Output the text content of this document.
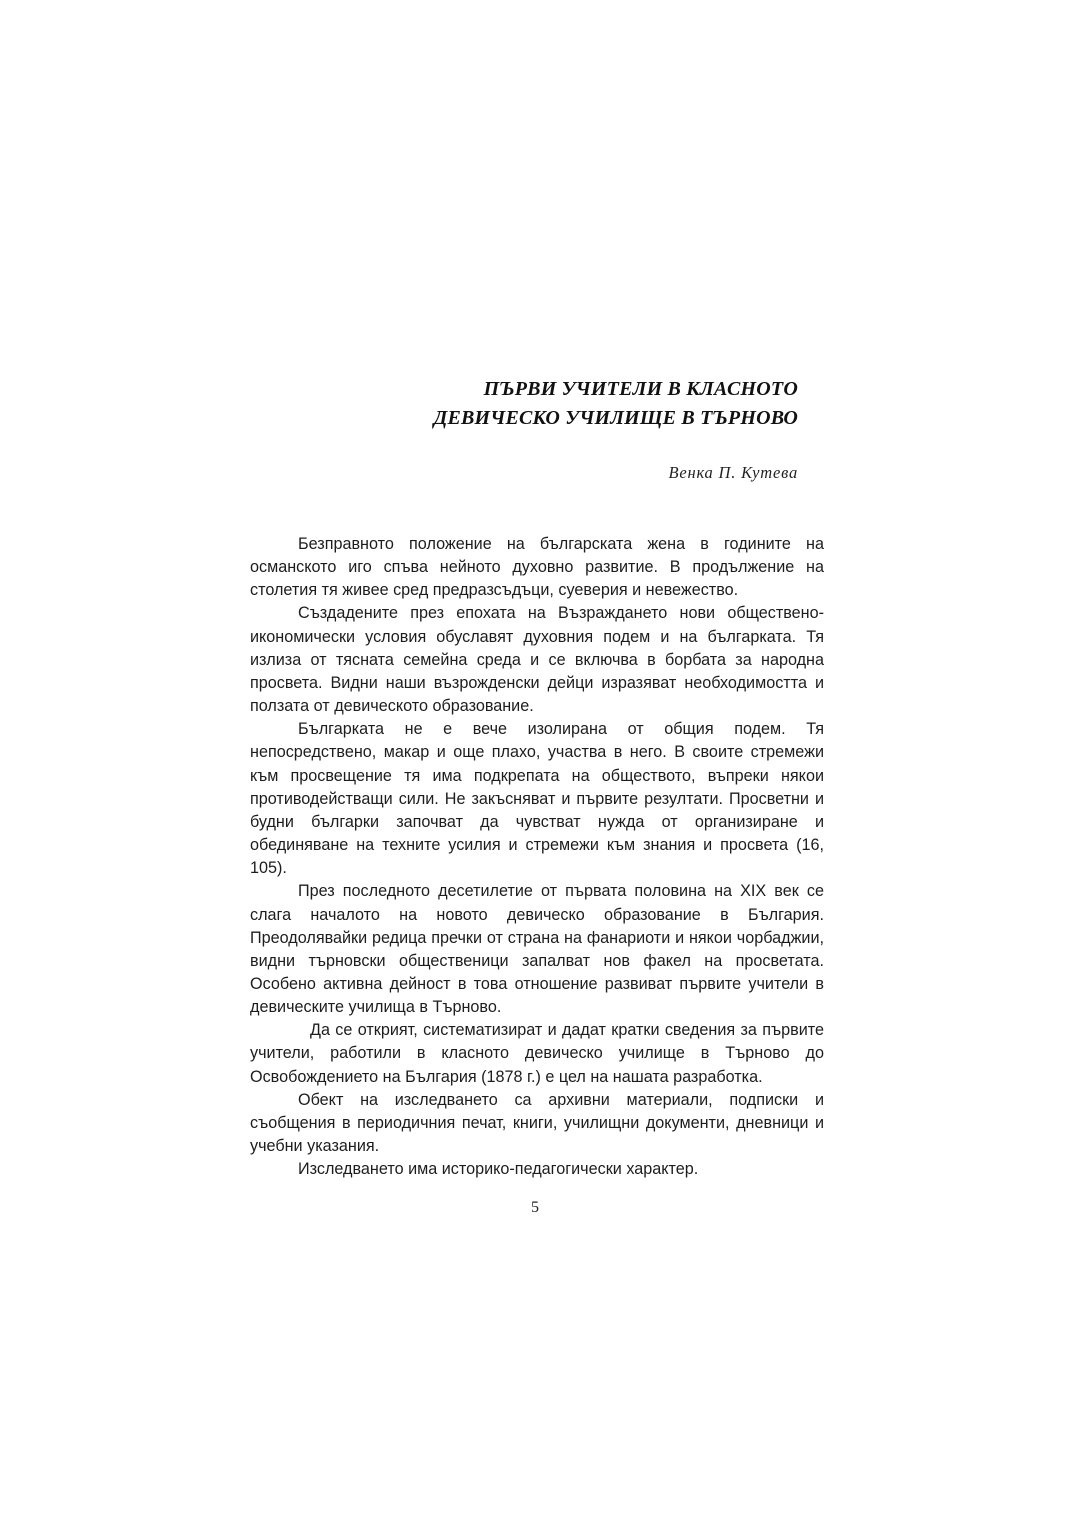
ПЪРВИ УЧИТЕЛИ В КЛАСНОТО
ДЕВИЧЕСКО УЧИЛИЩЕ В ТЪРНОВО
Венка П. Кутева

Безправното положение на българската жена в годините на османското иго спъва нейното духовно развитие. В продължение на столетия тя живее сред предразсъдъци, суеверия и невежество.

Създадените през епохата на Възраждането нови обществено-икономически условия обуславят духовния подем и на българката. Тя излиза от тясната семейна среда и се включва в борбата за народна просвета. Видни наши възрожденски дейци изразяват необходимостта и ползата от девическото образование.

Българката не е вече изолирана от общия подем. Тя непосредствено, макар и още плахо, участва в него. В своите стремежи към просвещение тя има подкрепата на обществото, въпреки някои противодействащи сили. Не закъсняват и първите резултати. Просветни и будни българки започват да чувстват нужда от организиране и обединяване на техните усилия и стремежи към знания и просвета (16, 105).

През последното десетилетие от първата половина на XIX век се слага началото на новото девическо образование в България. Преодолявайки редица пречки от страна на фанариоти и някои чорбаджии, видни търновски общественици запалват нов факел на просветата. Особено активна дейност в това отношение развиват първите учители в девическите училища в Търново.

Да се открият, систематизират и дадат кратки сведения за първите учители, работили в класното девическо училище в Търново до Освобождението на България (1878 г.) е цел на нашата разработка.

Обект на изследването са архивни материали, подписки и съобщения в периодичния печат, книги, училищни документи, дневници и учебни указания.

Изследването има историко-педагогически характер.

5
